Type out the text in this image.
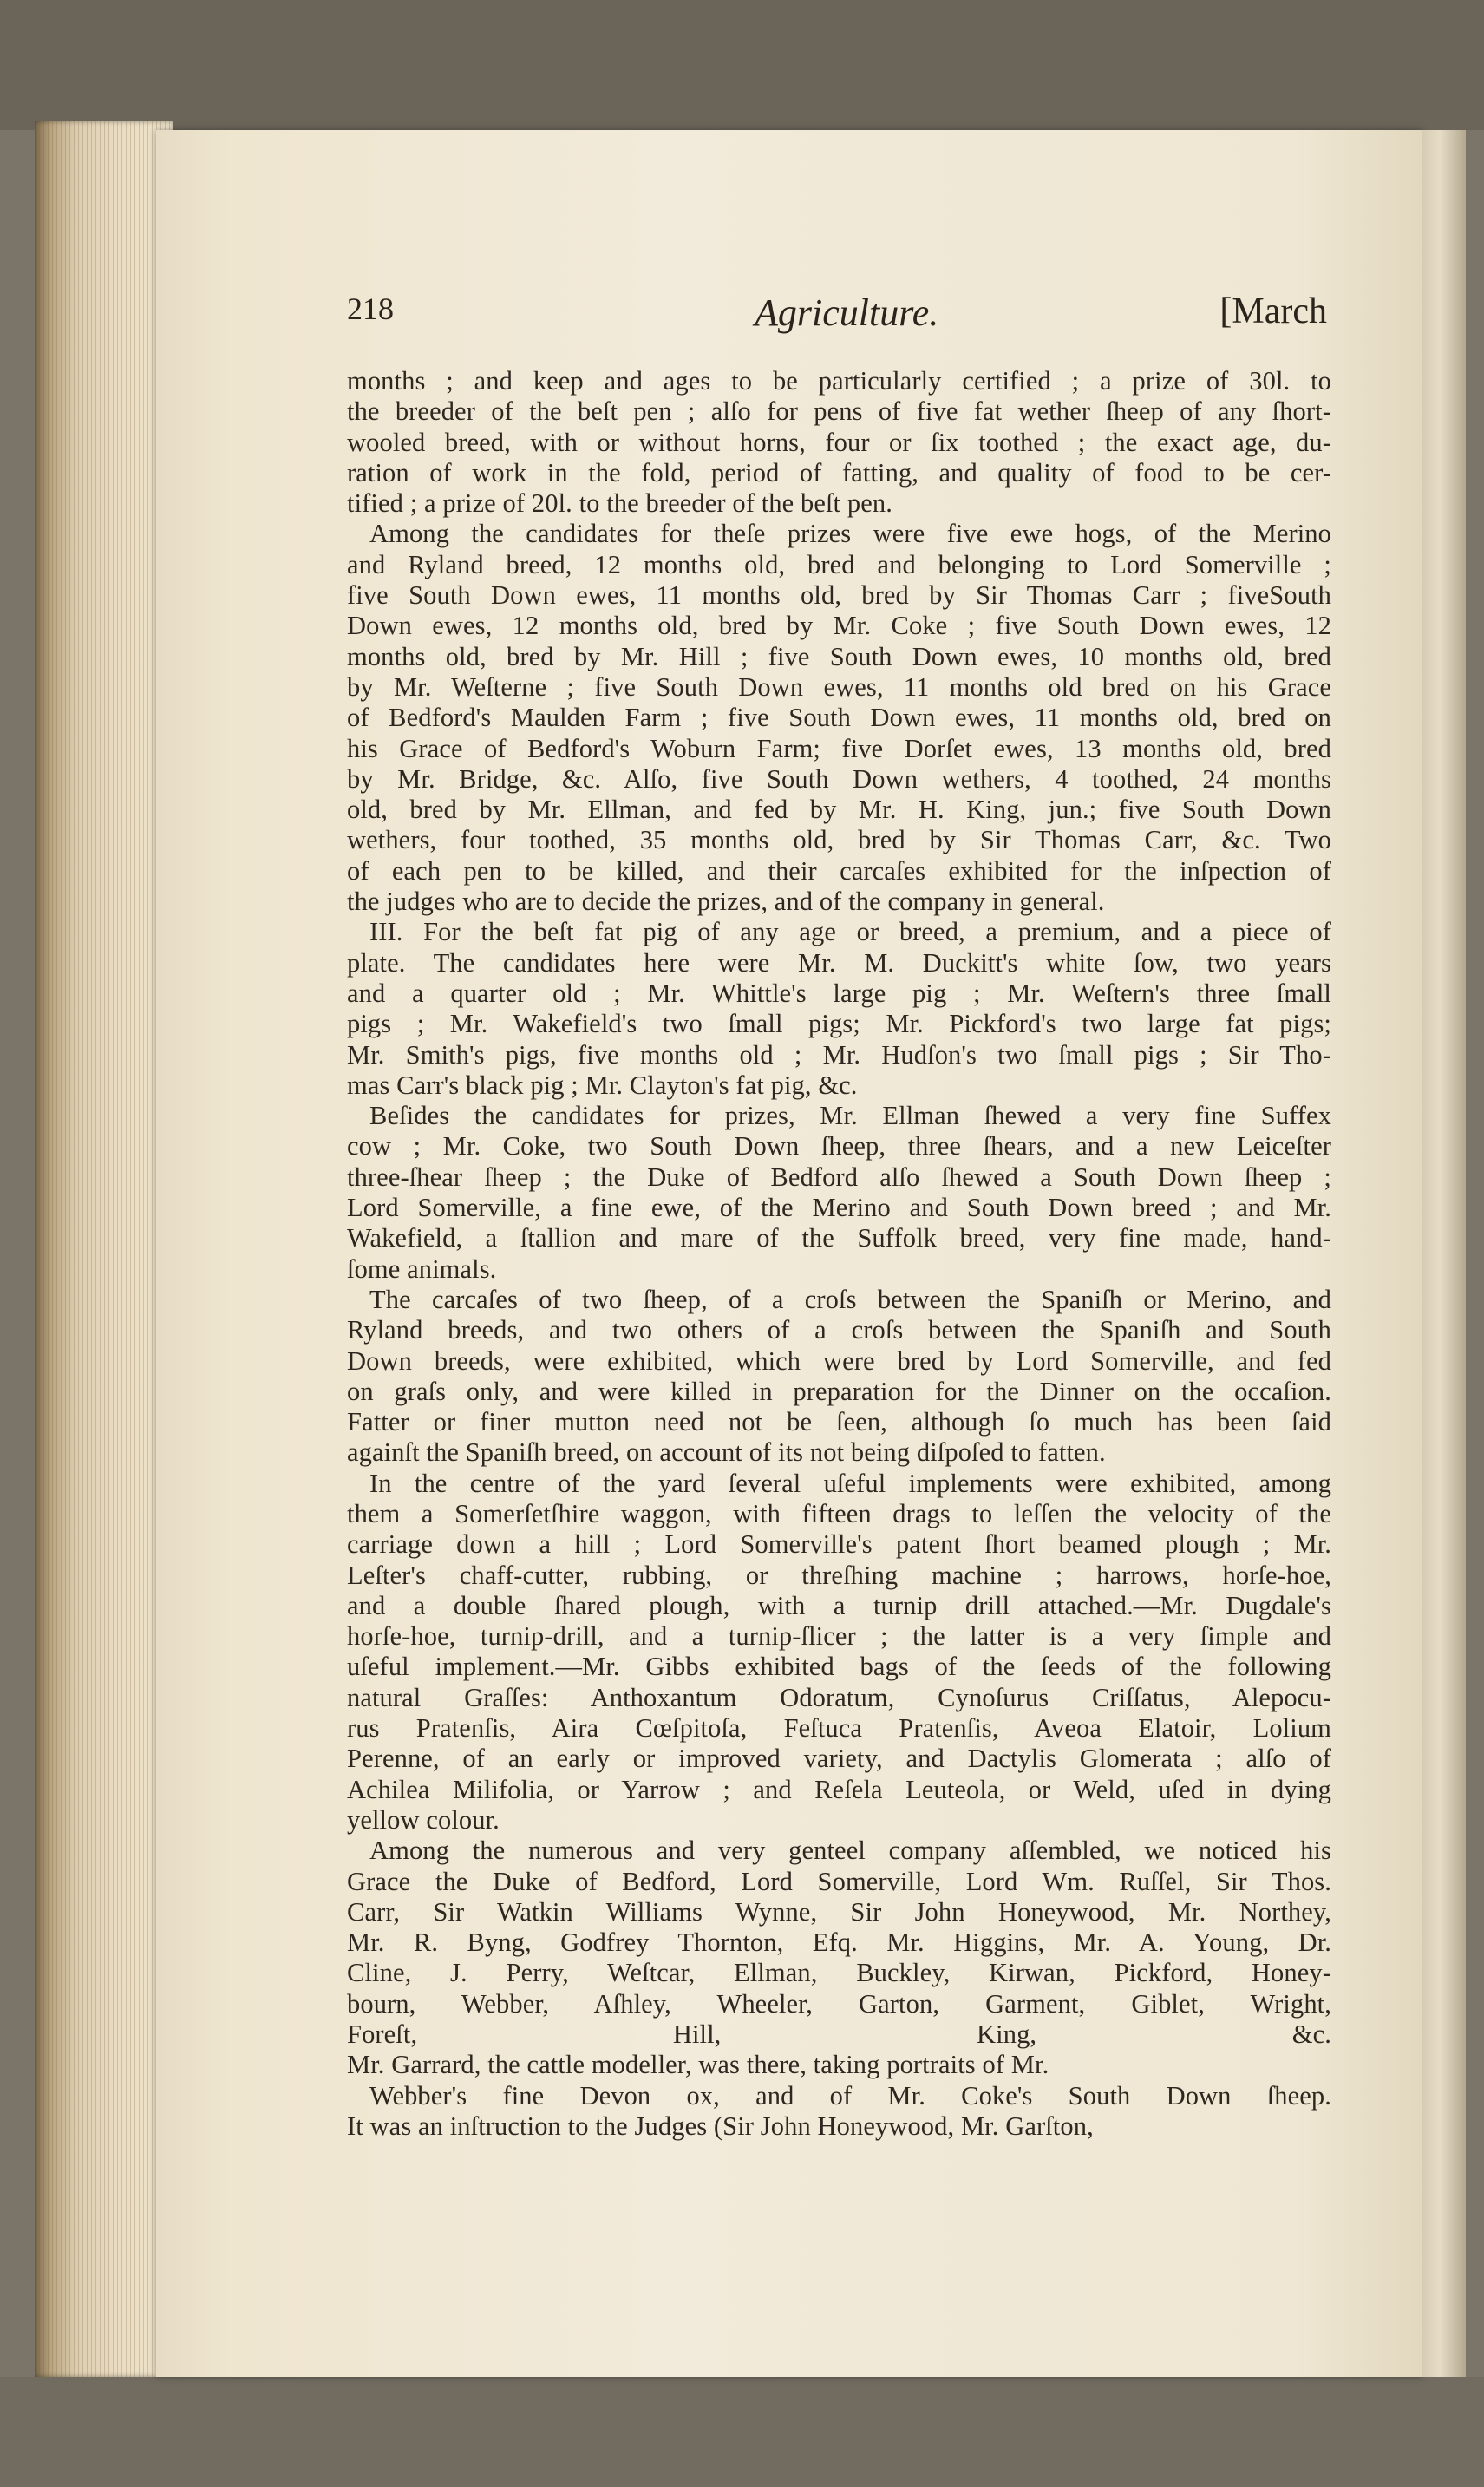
218	Agriculture.	[March
months ; and keep and ages to be particularly certified ; a prize of 30l. to
the breeder of the beſt pen ; alſo for pens of five fat wether ſheep of any ſhort-
wooled breed, with or without horns, four or ſix toothed ; the exact age, du-
ration of work in the fold, period of fatting, and quality of food to be cer-
tified ; a prize of 20l. to the breeder of the beſt pen.
Among the candidates for theſe prizes were five ewe hogs, of the Merino
and Ryland breed, 12 months old, bred and belonging to Lord Somerville ;
five South Down ewes, 11 months old, bred by Sir Thomas Carr ; fiveSouth
Down ewes, 12 months old, bred by Mr. Coke ; five South Down ewes, 12
months old, bred by Mr. Hill ; five South Down ewes, 10 months old, bred
by Mr. Weſterne ; five South Down ewes, 11 months old bred on his Grace
of Bedford's Maulden Farm ; five South Down ewes, 11 months old, bred on
his Grace of Bedford's Woburn Farm; five Dorſet ewes, 13 months old, bred
by Mr. Bridge, &c. Alſo, five South Down wethers, 4 toothed, 24 months
old, bred by Mr. Ellman, and fed by Mr. H. King, jun.; five South Down
wethers, four toothed, 35 months old, bred by Sir Thomas Carr, &c. Two
of each pen to be killed, and their carcaſes exhibited for the inſpection of
the judges who are to decide the prizes, and of the company in general.
III. For the beſt fat pig of any age or breed, a premium, and a piece of
plate. The candidates here were Mr. M. Duckitt's white ſow, two years
and a quarter old ; Mr. Whittle's large pig ; Mr. Weſtern's three ſmall
pigs ; Mr. Wakefield's two ſmall pigs; Mr. Pickford's two large fat pigs;
Mr. Smith's pigs, five months old ; Mr. Hudſon's two ſmall pigs ; Sir Tho-
mas Carr's black pig ; Mr. Clayton's fat pig, &c.
Beſides the candidates for prizes, Mr. Ellman ſhewed a very fine Suffex
cow ; Mr. Coke, two South Down ſheep, three ſhears, and a new Leiceſter
three-ſhear ſheep ; the Duke of Bedford alſo ſhewed a South Down ſheep ;
Lord Somerville, a fine ewe, of the Merino and South Down breed ; and Mr.
Wakefield, a ſtallion and mare of the Suffolk breed, very fine made, hand-
ſome animals.
The carcaſes of two ſheep, of a croſs between the Spaniſh or Merino, and
Ryland breeds, and two others of a croſs between the Spaniſh and South
Down breeds, were exhibited, which were bred by Lord Somerville, and fed
on graſs only, and were killed in preparation for the Dinner on the occaſion.
Fatter or finer mutton need not be ſeen, although ſo much has been ſaid
againſt the Spaniſh breed, on account of its not being diſpoſed to fatten.
In the centre of the yard ſeveral uſeful implements were exhibited, among
them a Somerſetſhire waggon, with fifteen drags to leſſen the velocity of the
carriage down a hill ; Lord Somerville's patent ſhort beamed plough ; Mr.
Leſter's chaff-cutter, rubbing, or threſhing machine ; harrows, horſe-hoe,
and a double ſhared plough, with a turnip drill attached.—Mr. Dugdale's
horſe-hoe, turnip-drill, and a turnip-ſlicer ; the latter is a very ſimple and
uſeful implement.—Mr. Gibbs exhibited bags of the ſeeds of the following
natural Graſſes: Anthoxantum Odoratum, Cynoſurus Criſſatus, Alepocu-
rus Pratenſis, Aira Cœſpitoſa, Feſtuca Pratenſis, Aveoa Elatoir, Lolium
Perenne, of an early or improved variety, and Dactylis Glomerata ; alſo of
Achilea Milifolia, or Yarrow ; and Reſela Leuteola, or Weld, uſed in dying
yellow colour.
Among the numerous and very genteel company aſſembled, we noticed his
Grace the Duke of Bedford, Lord Somerville, Lord Wm. Ruſſel, Sir Thos.
Carr, Sir Watkin Williams Wynne, Sir John Honeywood, Mr. Northey,
Mr. R. Byng, Godfrey Thornton, Efq. Mr. Higgins, Mr. A. Young, Dr.
Cline, J. Perry, Weſtcar, Ellman, Buckley, Kirwan, Pickford, Honey-
bourn, Webber, Aſhley, Wheeler, Garton, Garment, Giblet, Wright,
Foreſt, Hill, King, &c.
Mr. Garrard, the cattle modeller, was there, taking portraits of Mr.
Webber's fine Devon ox, and of Mr. Coke's South Down ſheep.
It was an inſtruction to the Judges (Sir John Honeywood, Mr. Garſton,
